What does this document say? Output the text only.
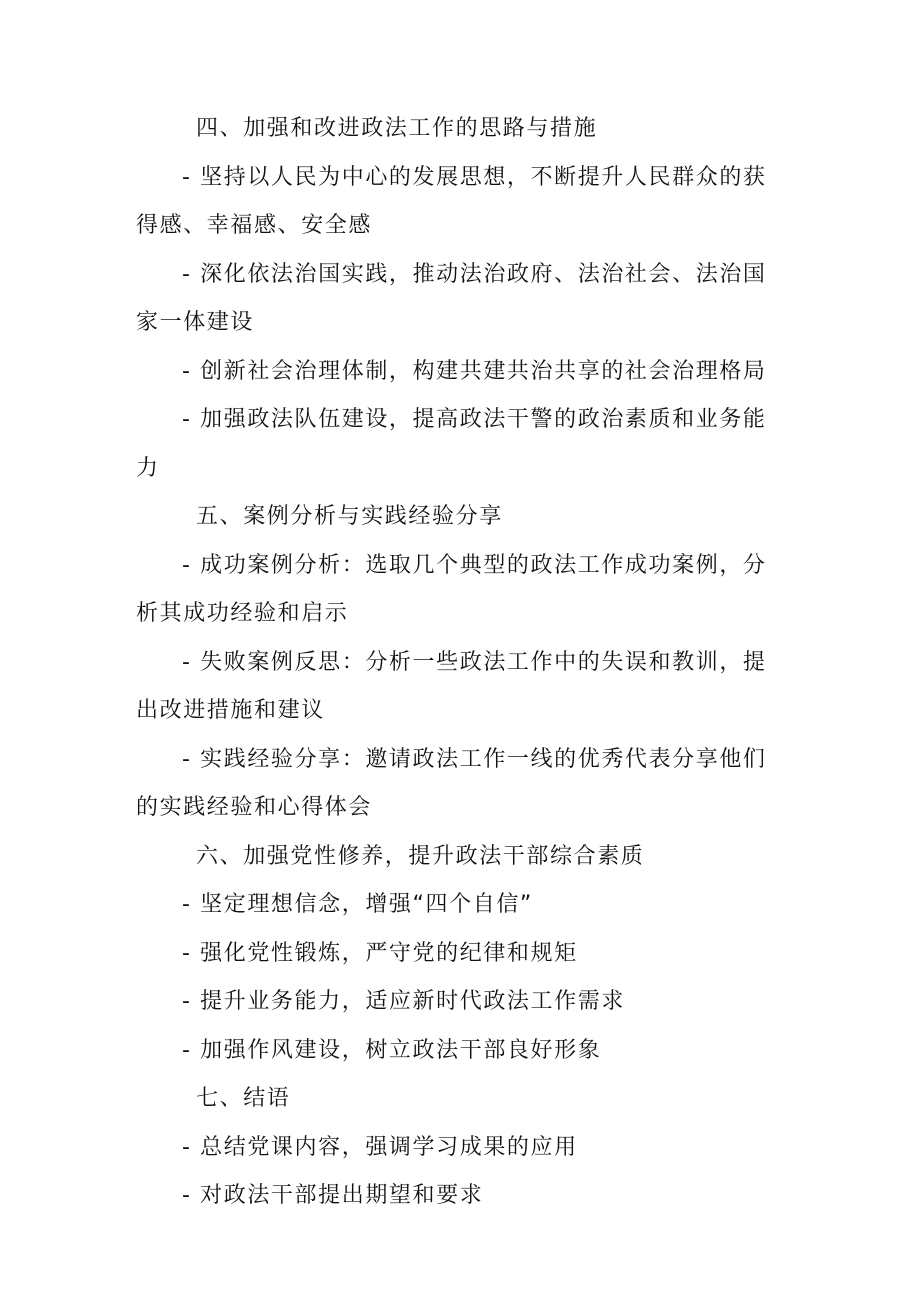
四、加强和改进政法工作的思路与措施

- 坚持以人民为中心的发展思想，不断提升人民群众的获得感、幸福感、安全感

- 深化依法治国实践，推动法治政府、法治社会、法治国家一体建设

- 创新社会治理体制，构建共建共治共享的社会治理格局

- 加强政法队伍建设，提高政法干警的政治素质和业务能力

五、案例分析与实践经验分享

- 成功案例分析：选取几个典型的政法工作成功案例，分析其成功经验和启示

- 失败案例反思：分析一些政法工作中的失误和教训，提出改进措施和建议

- 实践经验分享：邀请政法工作一线的优秀代表分享他们的实践经验和心得体会

六、加强党性修养，提升政法干部综合素质

- 坚定理想信念，增强“四个自信”

- 强化党性锻炼，严守党的纪律和规矩

- 提升业务能力，适应新时代政法工作需求

- 加强作风建设，树立政法干部良好形象

七、结语

- 总结党课内容，强调学习成果的应用

- 对政法干部提出期望和要求
